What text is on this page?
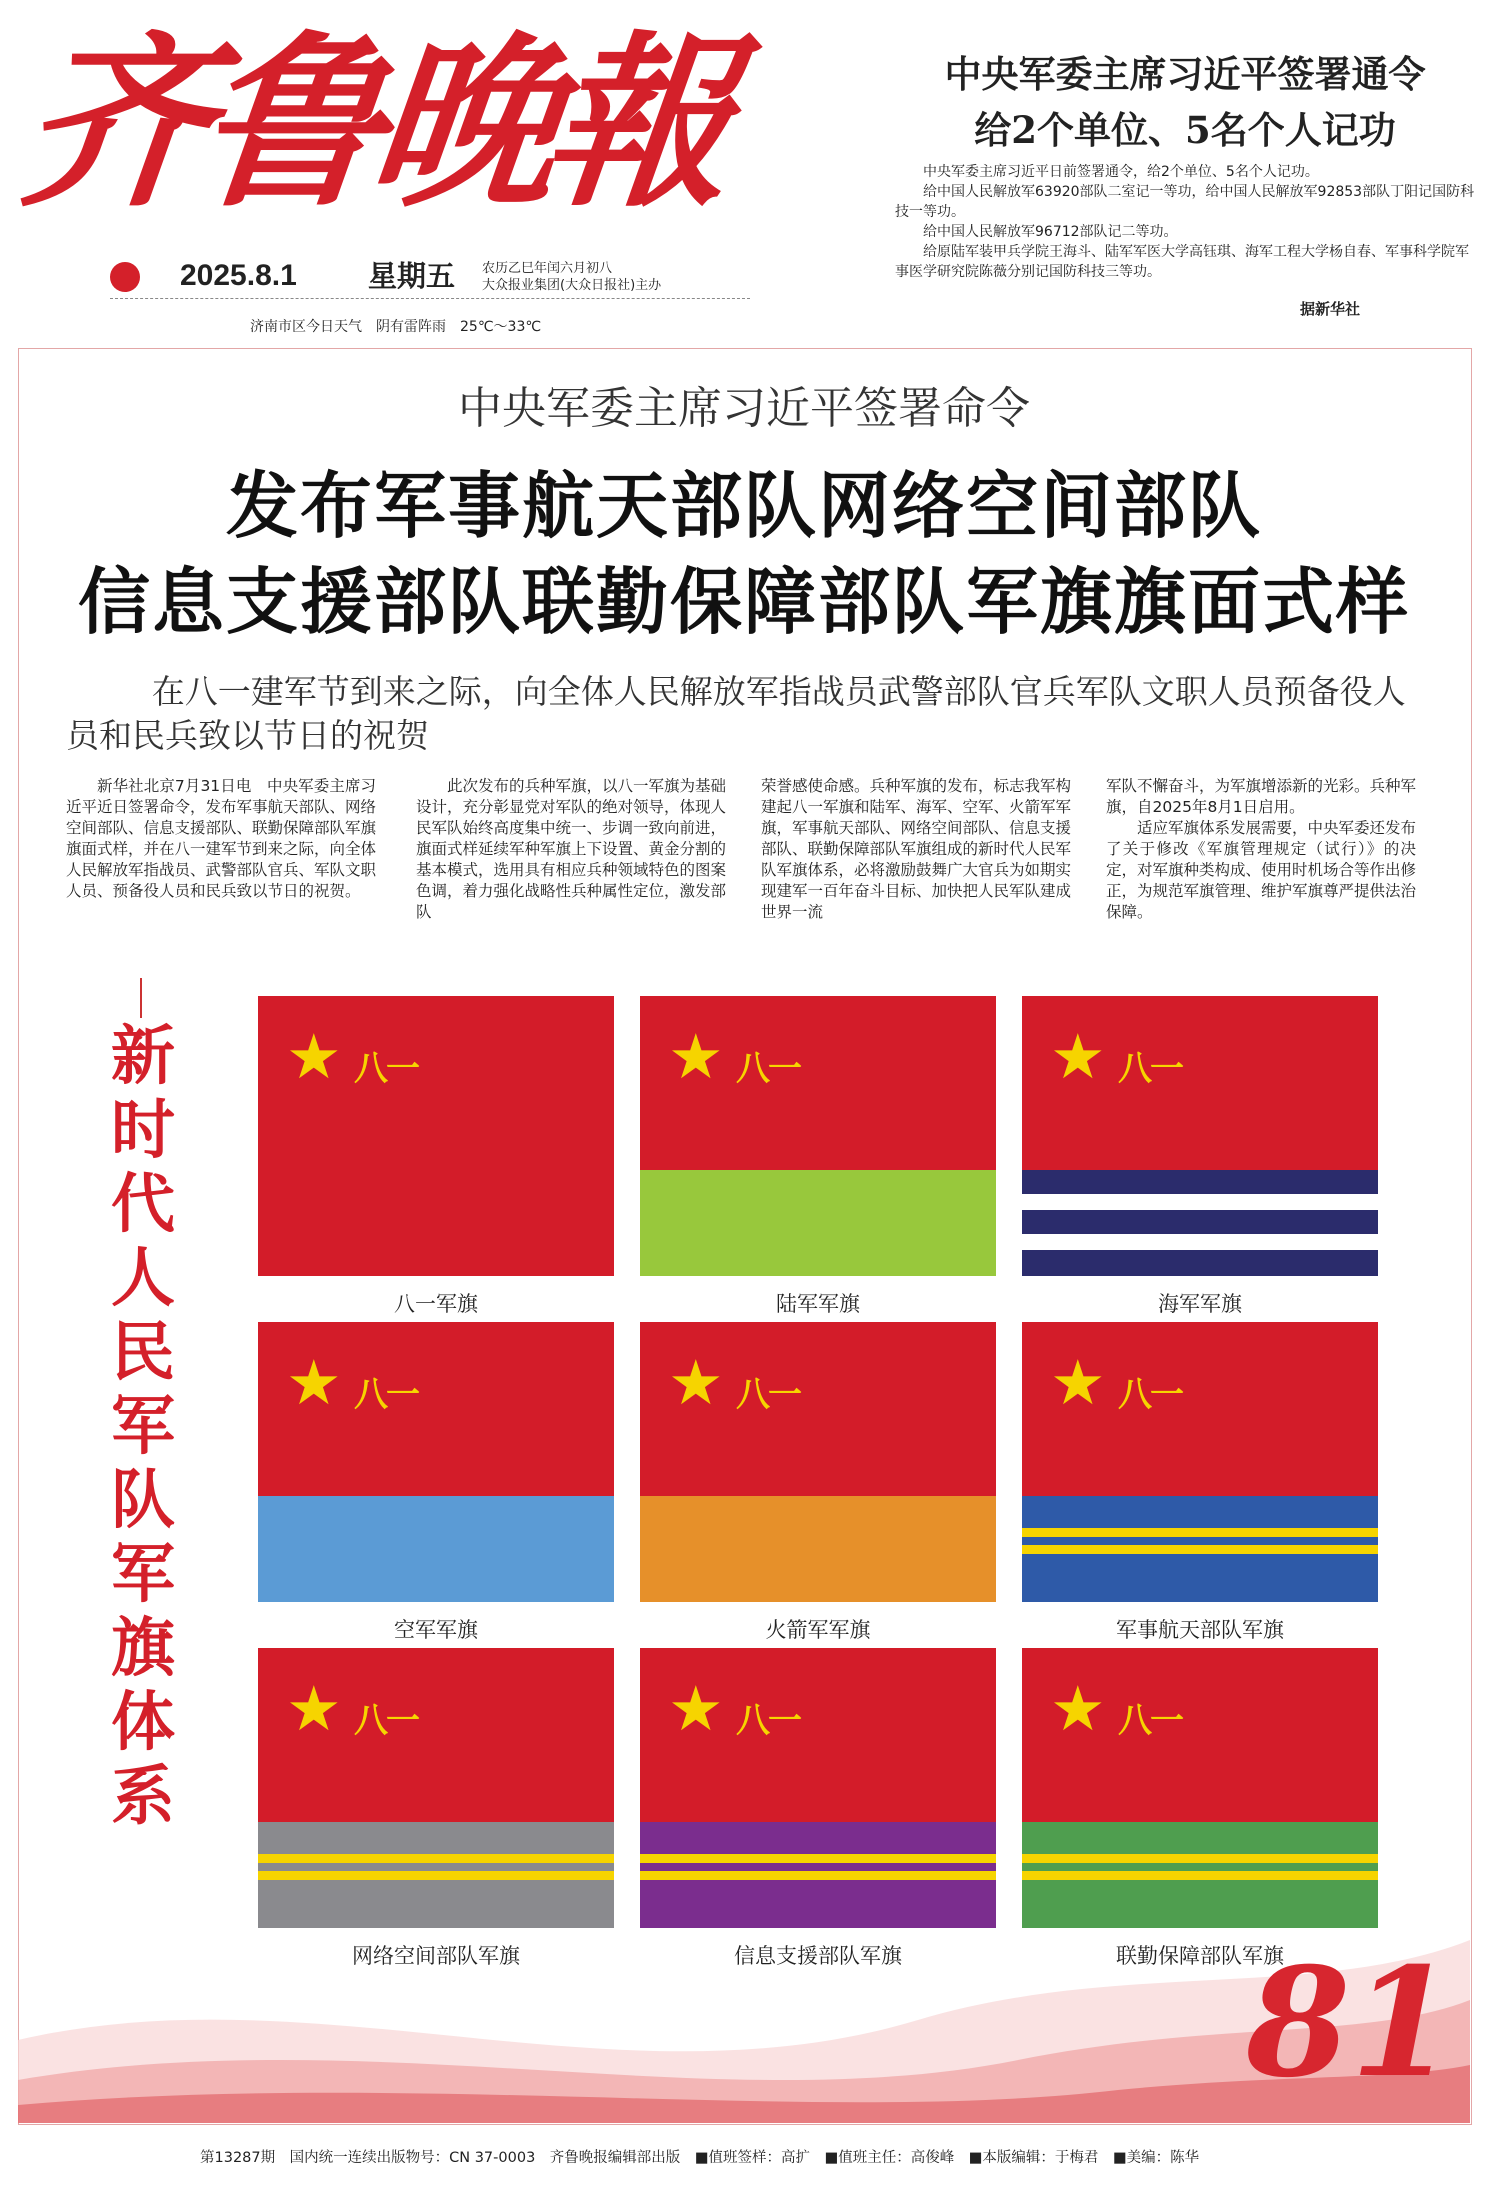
齐鲁晚報
2025.8.1 星期五 农历乙巳年闰六月初八
大众报业集团(大众日报社)主办
济南市区今日天气　阴有雷阵雨　25℃～33℃
中央军委主席习近平签署通令
给2个单位、5名个人记功

中央军委主席习近平日前签署通令，给2个单位、5名个人记功。

给中国人民解放军63920部队二室记一等功，给中国人民解放军92853部队丁阳记国防科技一等功。

给中国人民解放军96712部队记二等功。

给原陆军装甲兵学院王海斗、陆军军医大学高钰琪、海军工程大学杨自春、军事科学院军事医学研究院陈薇分别记国防科技三等功。

据新华社
中央军委主席习近平签署命令
发布军事航天部队网络空间部队
信息支援部队联勤保障部队军旗旗面式样
在八一建军节到来之际，向全体人民解放军指战员武警部队官兵军队文职人员预备役人员和民兵致以节日的祝贺

新华社北京7月31日电　中央军委主席习近平近日签署命令，发布军事航天部队、网络空间部队、信息支援部队、联勤保障部队军旗旗面式样，并在八一建军节到来之际，向全体人民解放军指战员、武警部队官兵、军队文职人员、预备役人员和民兵致以节日的祝贺。

此次发布的兵种军旗，以八一军旗为基础设计，充分彰显党对军队的绝对领导，体现人民军队始终高度集中统一、步调一致向前进，旗面式样延续军种军旗上下设置、黄金分割的基本模式，选用具有相应兵种领域特色的图案色调，着力强化战略性兵种属性定位，激发部队

荣誉感使命感。兵种军旗的发布，标志我军构建起八一军旗和陆军、海军、空军、火箭军军旗，军事航天部队、网络空间部队、信息支援部队、联勤保障部队军旗组成的新时代人民军队军旗体系，必将激励鼓舞广大官兵为如期实现建军一百年奋斗目标、加快把人民军队建成世界一流

军队不懈奋斗，为军旗增添新的光彩。兵种军旗，自2025年8月1日启用。

适应军旗体系发展需要，中央军委还发布了关于修改《军旗管理规定（试行）》的决定，对军旗种类构成、使用时机场合等作出修正，为规范军旗管理、维护军旗尊严提供法治保障。

新时代人民军队军旗体系
★ 八一
八一军旗
★ 八一
陆军军旗
★ 八一
海军军旗
★ 八一
空军军旗
★ 八一
火箭军军旗
★ 八一
军事航天部队军旗
★ 八一
网络空间部队军旗
★ 八一
信息支援部队军旗
★ 八一
联勤保障部队军旗
81
第13287期　国内统一连续出版物号：CN 37-0003　齐鲁晚报编辑部出版　■值班签样：高扩　■值班主任：高俊峰　■本版编辑：于梅君　■美编：陈华
